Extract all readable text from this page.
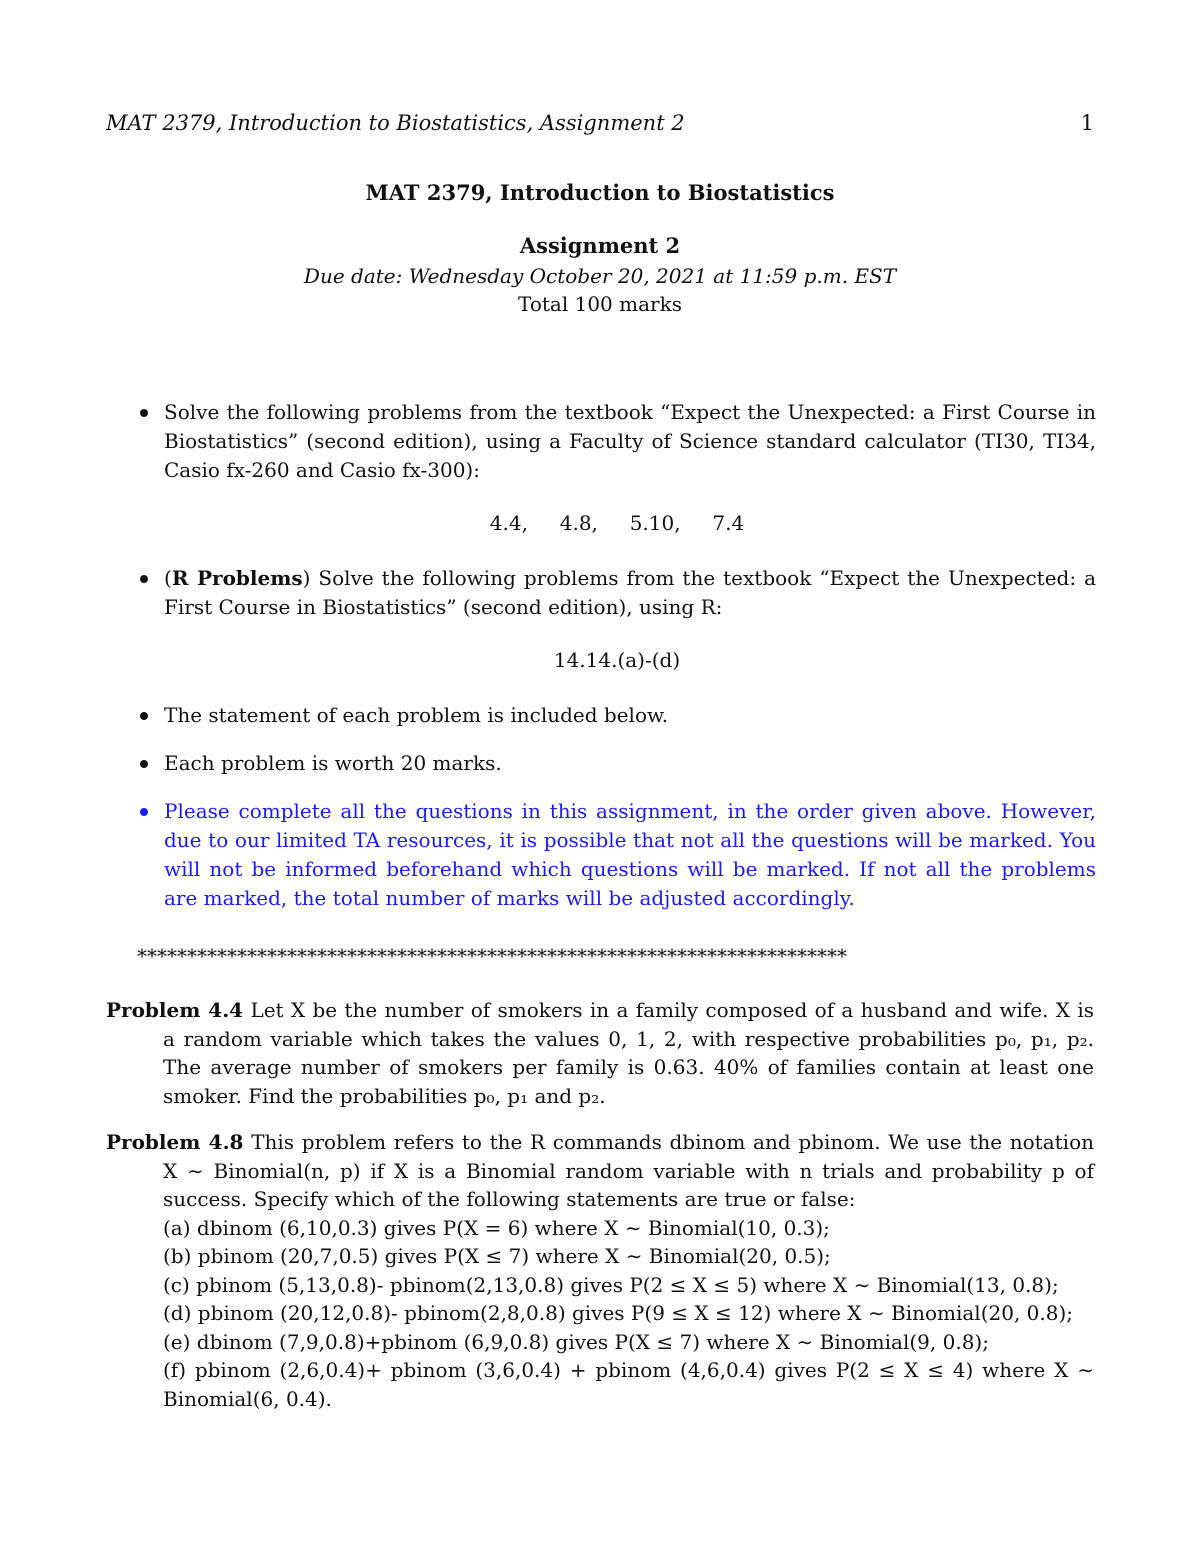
MAT 2379, Introduction to Biostatistics, Assignment 2	1
MAT 2379, Introduction to Biostatistics
Assignment 2
Due date: Wednesday October 20, 2021 at 11:59 p.m. EST
Total 100 marks
Solve the following problems from the textbook “Expect the Unexpected: a First Course in Biostatistics” (second edition), using a Faculty of Science standard calculator (TI30, TI34, Casio fx-260 and Casio fx-300):
4.4,     4.8,     5.10,     7.4
(R Problems) Solve the following problems from the textbook “Expect the Unexpected: a First Course in Biostatistics” (second edition), using R:
14.14.(a)-(d)
The statement of each problem is included below.
Each problem is worth 20 marks.
Please complete all the questions in this assignment, in the order given above. However, due to our limited TA resources, it is possible that not all the questions will be marked. You will not be informed beforehand which questions will be marked. If not all the problems are marked, the total number of marks will be adjusted accordingly.
***********************************************************************
Problem 4.4 Let X be the number of smokers in a family composed of a husband and wife. X is a random variable which takes the values 0, 1, 2, with respective probabilities p₀, p₁, p₂. The average number of smokers per family is 0.63. 40% of families contain at least one smoker. Find the probabilities p₀, p₁ and p₂.
Problem 4.8 This problem refers to the R commands dbinom and pbinom. We use the notation X ∼ Binomial(n, p) if X is a Binomial random variable with n trials and probability p of success. Specify which of the following statements are true or false:
(a) dbinom (6,10,0.3) gives P(X = 6) where X ∼ Binomial(10, 0.3);
(b) pbinom (20,7,0.5) gives P(X ≤ 7) where X ∼ Binomial(20, 0.5);
(c) pbinom (5,13,0.8)- pbinom(2,13,0.8) gives P(2 ≤ X ≤ 5) where X ∼ Binomial(13, 0.8);
(d) pbinom (20,12,0.8)- pbinom(2,8,0.8) gives P(9 ≤ X ≤ 12) where X ∼ Binomial(20, 0.8);
(e) dbinom (7,9,0.8)+pbinom (6,9,0.8) gives P(X ≤ 7) where X ∼ Binomial(9, 0.8);
(f) pbinom (2,6,0.4)+ pbinom (3,6,0.4) + pbinom (4,6,0.4) gives P(2 ≤ X ≤ 4) where X ∼ Binomial(6, 0.4).
